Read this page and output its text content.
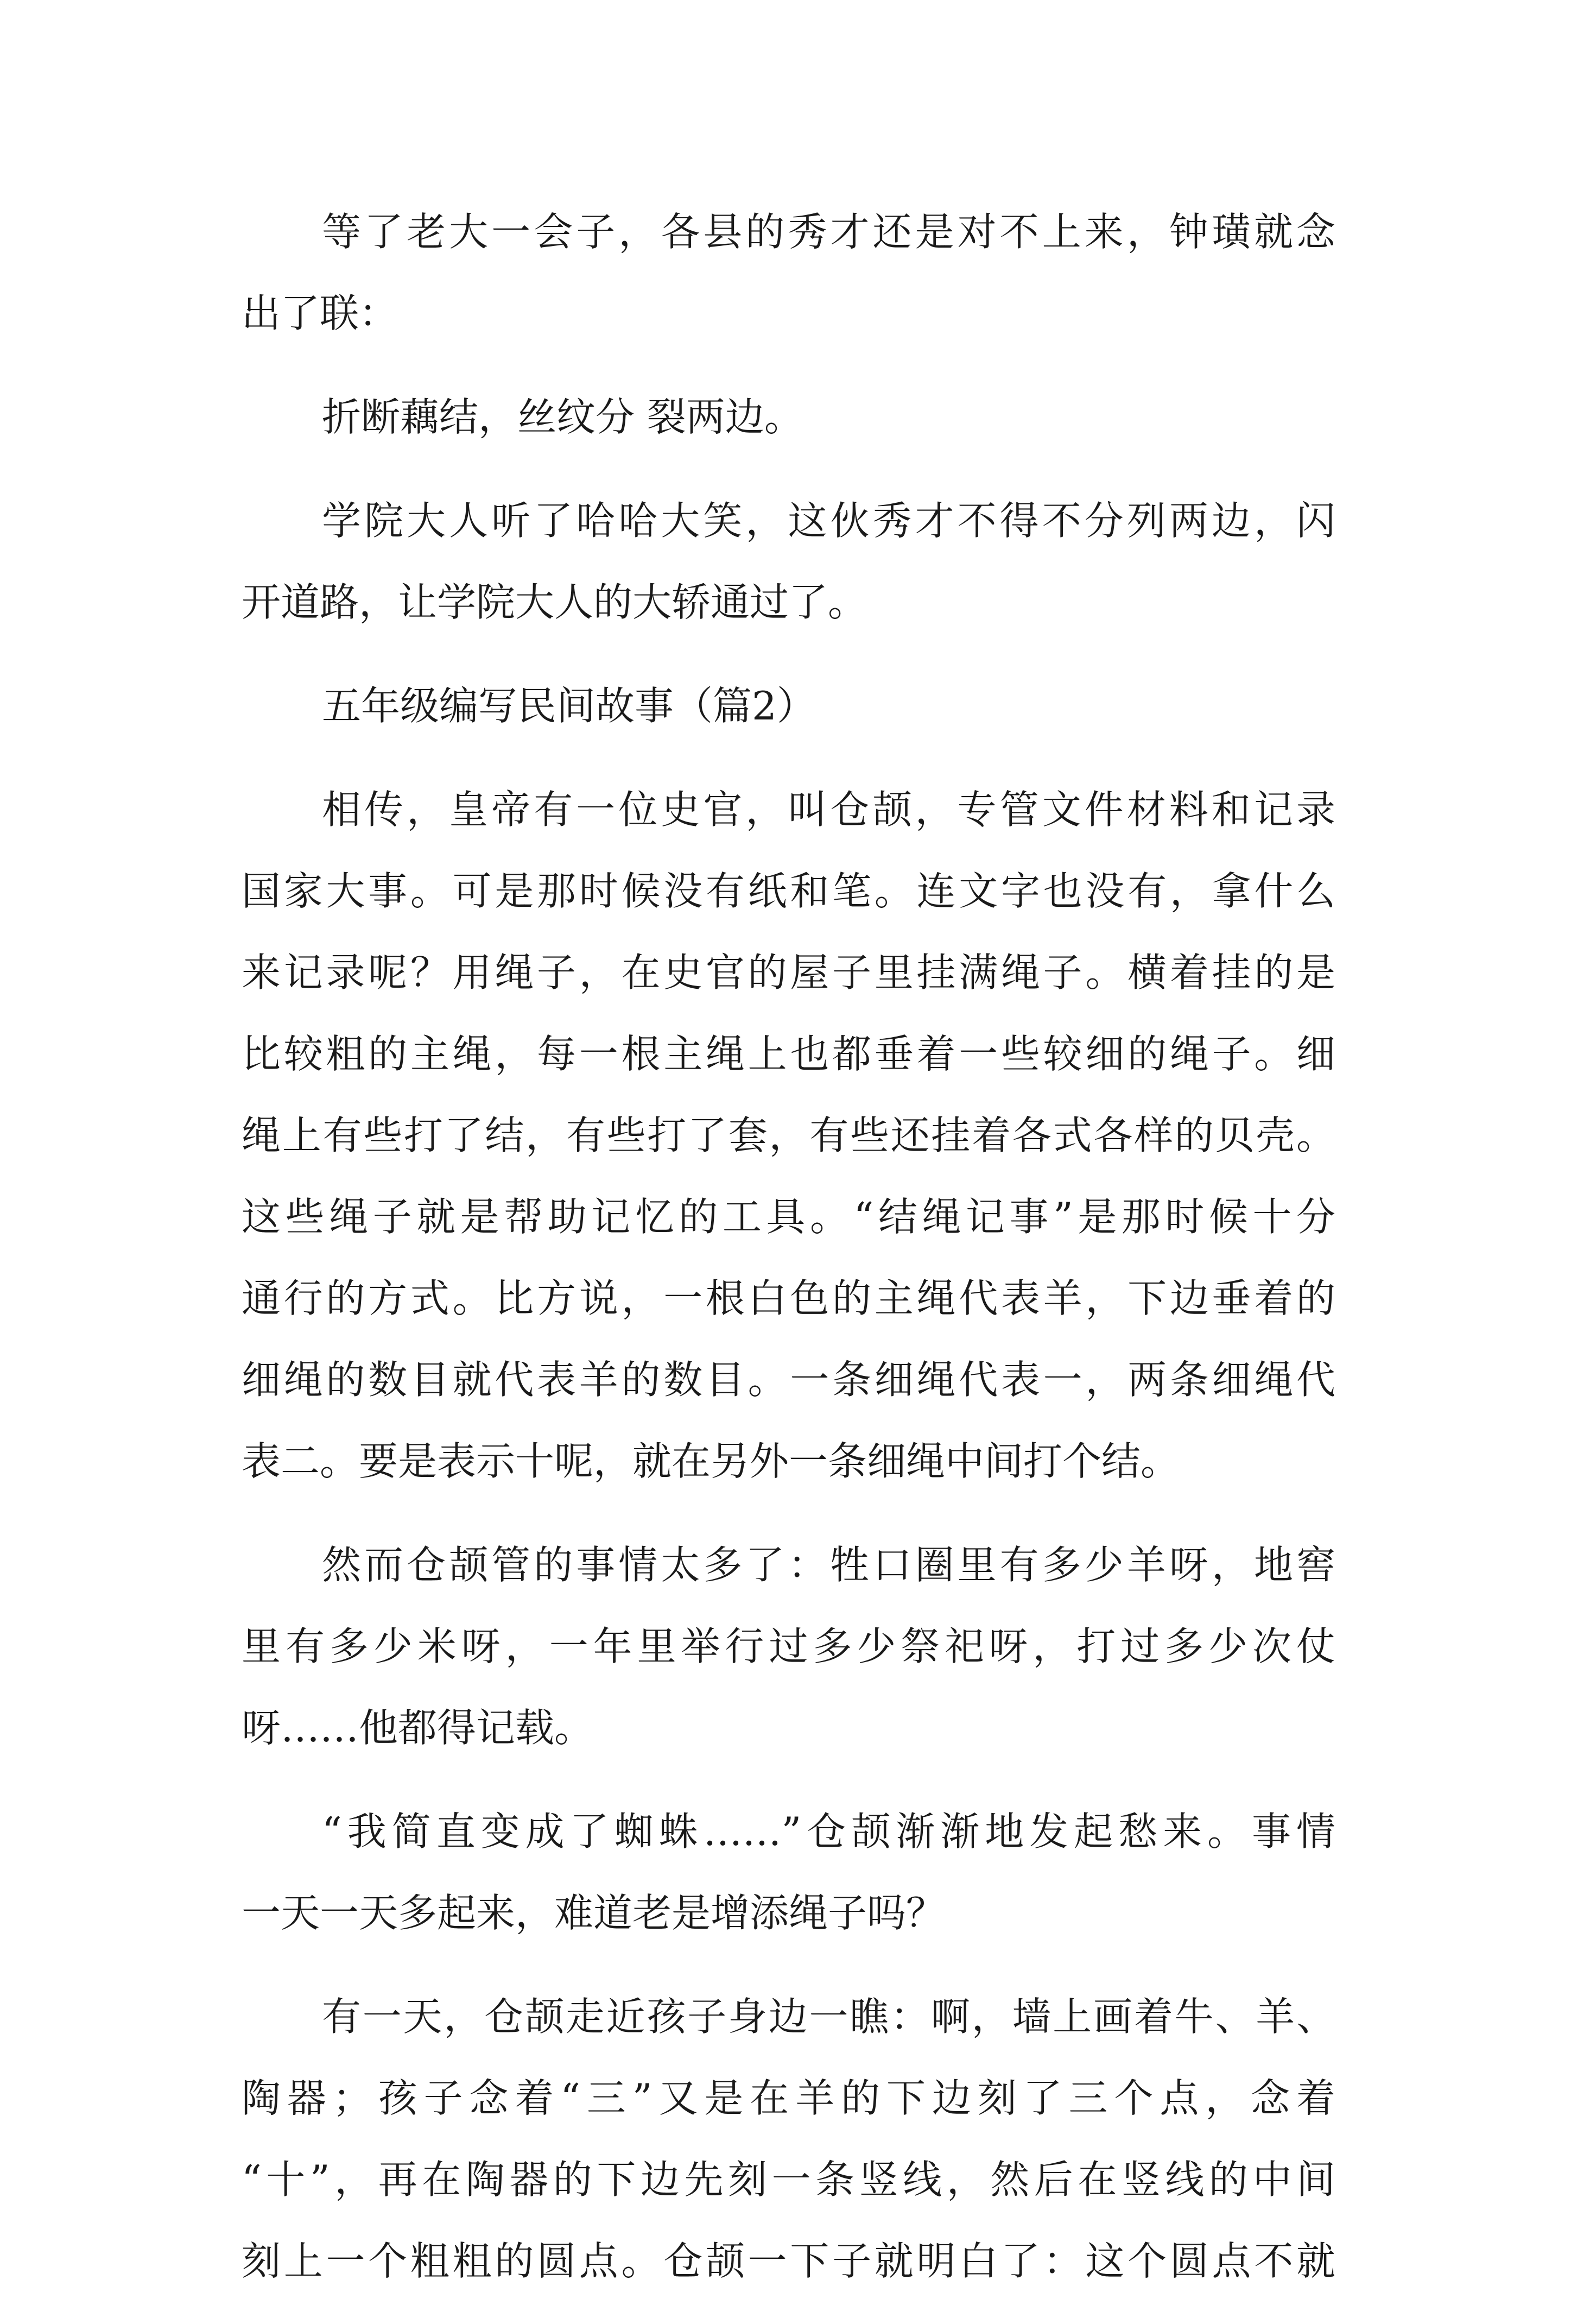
等了老大一会子，各县的秀才还是对不上来，钟璜就念
出了联：
折断藕结，丝纹分 裂两边。
学院大人听了哈哈大笑，这伙秀才不得不分列两边，闪
开道路，让学院大人的大轿通过了。
五年级编写民间故事（篇2）
相传，皇帝有一位史官，叫仓颉，专管文件材料和记录
国家大事。可是那时候没有纸和笔。连文字也没有，拿什么
来记录呢？用绳子，在史官的屋子里挂满绳子。横着挂的是
比较粗的主绳，每一根主绳上也都垂着一些较细的绳子。细
绳上有些打了结，有些打了套，有些还挂着各式各样的贝壳。
这些绳子就是帮助记忆的工具。“结绳记事”是那时候十分
通行的方式。比方说，一根白色的主绳代表羊，下边垂着的
细绳的数目就代表羊的数目。一条细绳代表一，两条细绳代
表二。要是表示十呢，就在另外一条细绳中间打个结。
然而仓颉管的事情太多了：牲口圈里有多少羊呀，地窖
里有多少米呀，一年里举行过多少祭祀呀，打过多少次仗
呀……他都得记载。
“我简直变成了蜘蛛……”仓颉渐渐地发起愁来。事情
一天一天多起来，难道老是增添绳子吗？
有一天，仓颉走近孩子身边一瞧：啊，墙上画着牛、羊、
陶器；孩子念着“三”又是在羊的下边刻了三个点，念着
“十”，再在陶器的下边先刻一条竖线，然后在竖线的中间
刻上一个粗粗的圆点。仓颉一下子就明白了：这个圆点不就
